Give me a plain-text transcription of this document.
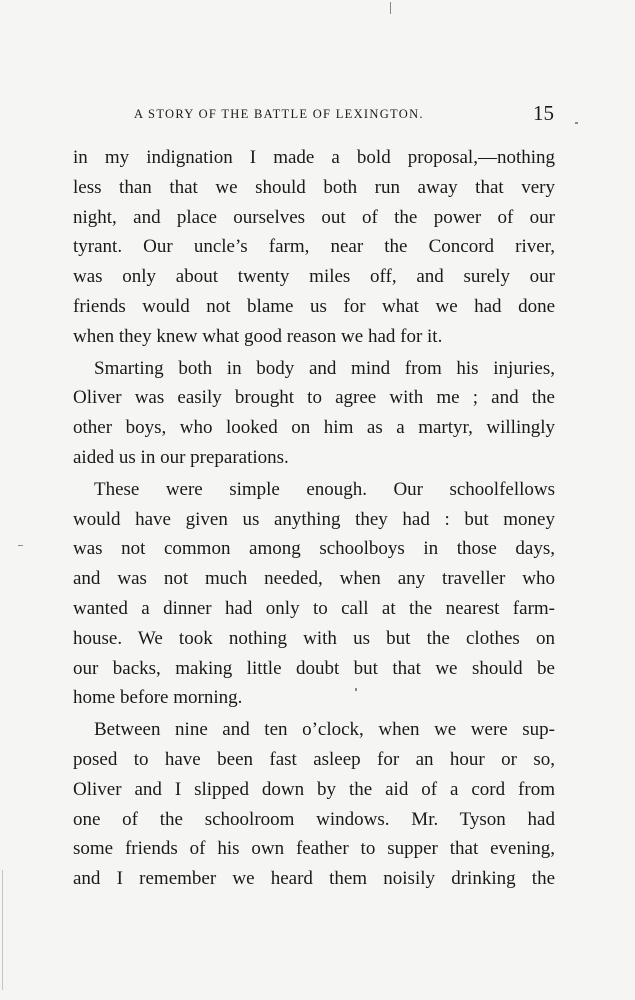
A STORY OF THE BATTLE OF LEXINGTON.	15
in my indignation I made a bold proposal,—nothing
less than that we should both run away that very
night, and place ourselves out of the power of our
tyrant. Our uncle’s farm, near the Concord river,
was only about twenty miles off, and surely our
friends would not blame us for what we had done
when they knew what good reason we had for it.
Smarting both in body and mind from his injuries,
Oliver was easily brought to agree with me ; and the
other boys, who looked on him as a martyr, willingly
aided us in our preparations.
These were simple enough. Our schoolfellows
would have given us anything they had : but money
was not common among schoolboys in those days,
and was not much needed, when any traveller who
wanted a dinner had only to call at the nearest farm-
house. We took nothing with us but the clothes on
our backs, making little doubt but that we should be
home before morning.
Between nine and ten o’clock, when we were sup-
posed to have been fast asleep for an hour or so,
Oliver and I slipped down by the aid of a cord from
one of the schoolroom windows. Mr. Tyson had
some friends of his own feather to supper that evening,
and I remember we heard them noisily drinking the
